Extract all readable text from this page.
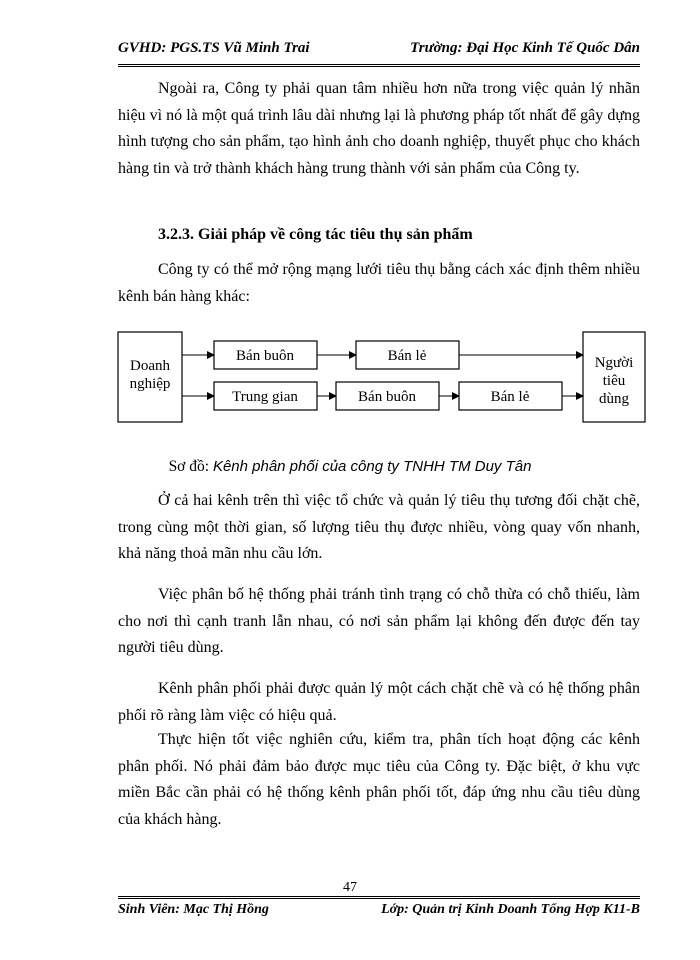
GVHD: PGS.TS Vũ Minh Trai	Trường: Đại Học Kinh Tế Quốc Dân

Ngoài ra, Công ty phải quan tâm nhiều hơn nữa trong việc quản lý nhãn hiệu vì nó là một quá trình lâu dài nhưng lại là phương pháp tốt nhất để gây dựng hình tượng cho sản phẩm, tạo hình ảnh cho doanh nghiệp, thuyết phục cho khách hàng tin và trở thành khách hàng trung thành với sản phẩm của Công ty.

3.2.3. Giải pháp về công tác tiêu thụ sản phẩm

Công ty có thể mở rộng mạng lưới tiêu thụ bằng cách xác định thêm nhiều kênh bán hàng khác:

Doanh
nghiệp
Người
tiêu
dùng
Bán buôn	Bán lẻ
Trung gian	Bán buôn	Bán lẻ
Sơ đồ: Kênh phân phối của công ty TNHH TM Duy Tân

Ở cả hai kênh trên thì việc tổ chức và quản lý tiêu thụ tương đối chặt chẽ, trong cùng một thời gian, số lượng tiêu thụ được nhiều, vòng quay vốn nhanh, khả năng thoả mãn nhu cầu lớn.

Việc phân bố hệ thống phải tránh tình trạng có chỗ thừa có chỗ thiếu, làm cho nơi thì cạnh tranh lẫn nhau, có nơi sản phẩm lại không đến được đến tay người tiêu dùng.

Kênh phân phối phải được quản lý một cách chặt chẽ và có hệ thống phân phối rõ ràng làm việc có hiệu quả.

Thực hiện tốt việc nghiên cứu, kiểm tra, phân tích hoạt động các kênh phân phối. Nó phải đảm bảo được mục tiêu của Công ty. Đặc biệt, ở khu vực miền Bắc cần phải có hệ thống kênh phân phối tốt, đáp ứng nhu cầu tiêu dùng của khách hàng.

47
Sinh Viên: Mạc Thị Hồng	Lớp: Quản trị Kinh Doanh Tổng Hợp K11-B
